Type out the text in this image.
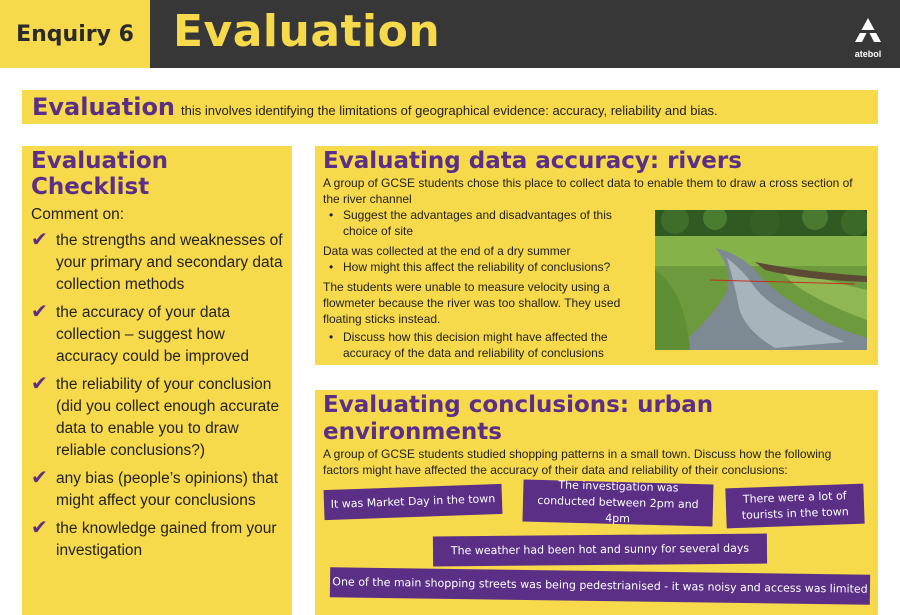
Enquiry 6 Evaluation	atebol
Evaluation this involves identifying the limitations of geographical evidence: accuracy, reliability and bias.
Evaluation Checklist
Comment on:
✔ the strengths and weaknesses of your primary and secondary data collection methods
✔ the accuracy of your data collection – suggest how accuracy could be improved
✔ the reliability of your conclusion (did you collect enough accurate data to enable you to draw reliable conclusions?)
✔ any bias (people’s opinions) that might affect your conclusions
✔ the knowledge gained from your investigation
Evaluating data accuracy: rivers
A group of GCSE students chose this place to collect data to enable them to draw a cross section of the river channel
• Suggest the advantages and disadvantages of this choice of site
Data was collected at the end of a dry summer
• How might this affect the reliability of conclusions?
The students were unable to measure velocity using a flowmeter because the river was too shallow. They used floating sticks instead.
• Discuss how this decision might have affected the accuracy of the data and reliability of conclusions
Evaluating conclusions: urban environments
A group of GCSE students studied shopping patterns in a small town. Discuss how the following factors might have affected the accuracy of their data and reliability of their conclusions:
It was Market Day in the town
The investigation was conducted between 2pm and 4pm
There were a lot of tourists in the town
The weather had been hot and sunny for several days
One of the main shopping streets was being pedestrianised - it was noisy and access was limited
